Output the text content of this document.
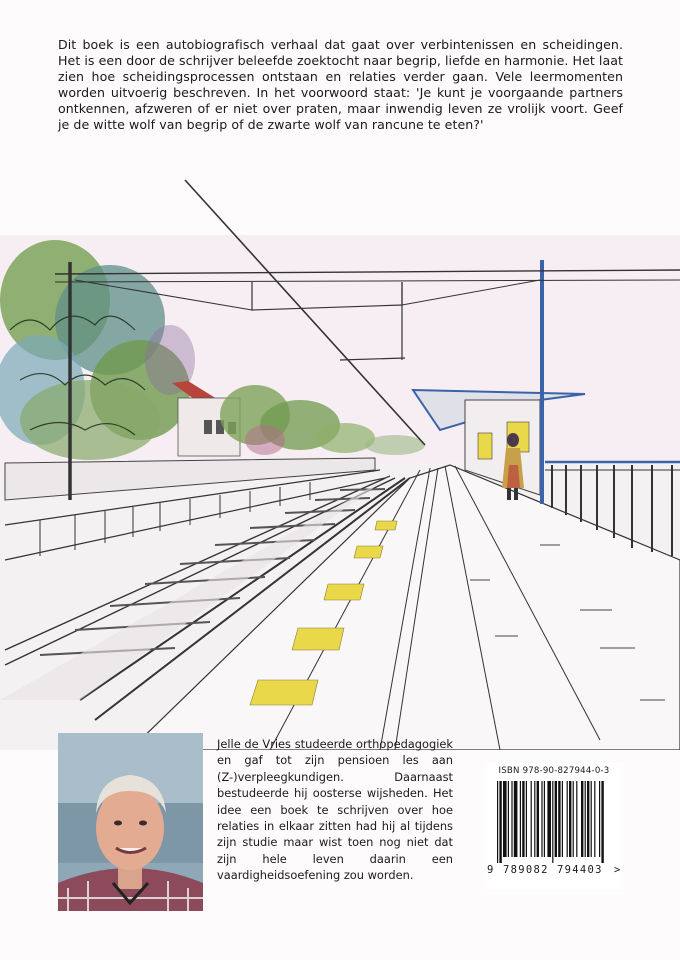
Dit boek is een autobiografisch verhaal dat gaat over verbintenissen en scheidingen. Het is een door de schrijver beleefde zoektocht naar begrip, liefde en harmonie. Het laat zien hoe scheidingsprocessen ontstaan en relaties verder gaan. Vele leermomenten worden uitvoerig beschreven. In het voorwoord staat: 'Je kunt je voorgaande partners ontkennen, afzweren of er niet over praten, maar inwendig leven ze vrolijk voort. Geef je de witte wolf van begrip of de zwarte wolf van rancune te eten?'

Jelle de Vries studeerde orthopedagogiek en gaf tot zijn pensioen les aan (Z-)verpleegkundigen. Daarnaast bestudeerde hij oosterse wijsheden. Het idee een boek te schrijven over hoe relaties in elkaar zitten had hij al tijdens zijn studie maar wist toen nog niet dat zijn hele leven daarin een vaardigheidsoefening zou worden.

ISBN 978-90-827944-0-3
9 789082 794403 >
